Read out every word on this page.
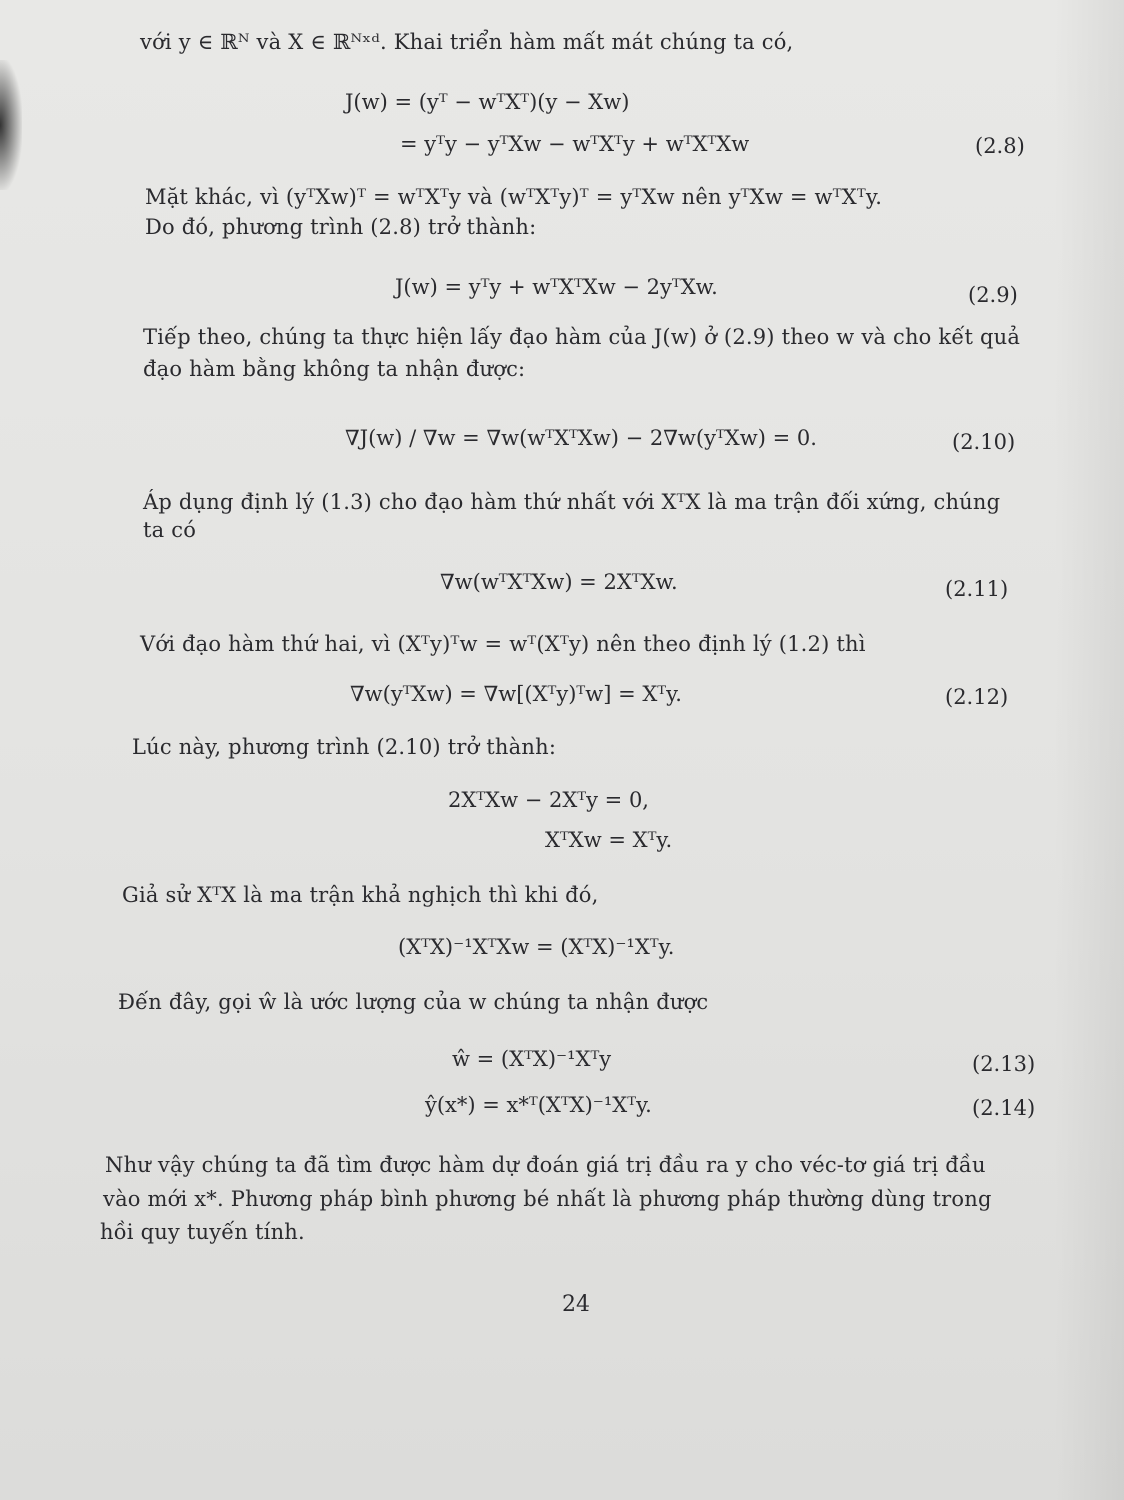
với y ∈ ℝᴺ và X ∈ ℝᴺˣᵈ. Khai triển hàm mất mát chúng ta có,
J(w) = (yᵀ − wᵀXᵀ)(y − Xw)
= yᵀy − yᵀXw − wᵀXᵀy + wᵀXᵀXw	(2.8)
Mặt khác, vì (yᵀXw)ᵀ = wᵀXᵀy và (wᵀXᵀy)ᵀ = yᵀXw nên yᵀXw = wᵀXᵀy.
Do đó, phương trình (2.8) trở thành:
J(w) = yᵀy + wᵀXᵀXw − 2yᵀXw.	(2.9)
Tiếp theo, chúng ta thực hiện lấy đạo hàm của J(w) ở (2.9) theo w và cho kết quả
đạo hàm bằng không ta nhận được:
∇J(w) / ∇w = ∇w(wᵀXᵀXw) − 2∇w(yᵀXw) = 0.	(2.10)
Áp dụng định lý (1.3) cho đạo hàm thứ nhất với XᵀX là ma trận đối xứng, chúng
ta có
∇w(wᵀXᵀXw) = 2XᵀXw.	(2.11)
Với đạo hàm thứ hai, vì (Xᵀy)ᵀw = wᵀ(Xᵀy) nên theo định lý (1.2) thì
∇w(yᵀXw) = ∇w[(Xᵀy)ᵀw] = Xᵀy.	(2.12)
Lúc này, phương trình (2.10) trở thành:
2XᵀXw − 2Xᵀy = 0,
XᵀXw = Xᵀy.
Giả sử XᵀX là ma trận khả nghịch thì khi đó,
(XᵀX)⁻¹XᵀXw = (XᵀX)⁻¹Xᵀy.
Đến đây, gọi ŵ là ước lượng của w chúng ta nhận được
ŵ = (XᵀX)⁻¹Xᵀy	(2.13)
ŷ(x*) = x*ᵀ(XᵀX)⁻¹Xᵀy.	(2.14)
Như vậy chúng ta đã tìm được hàm dự đoán giá trị đầu ra y cho véc-tơ giá trị đầu
vào mới x*. Phương pháp bình phương bé nhất là phương pháp thường dùng trong
hồi quy tuyến tính.
24
